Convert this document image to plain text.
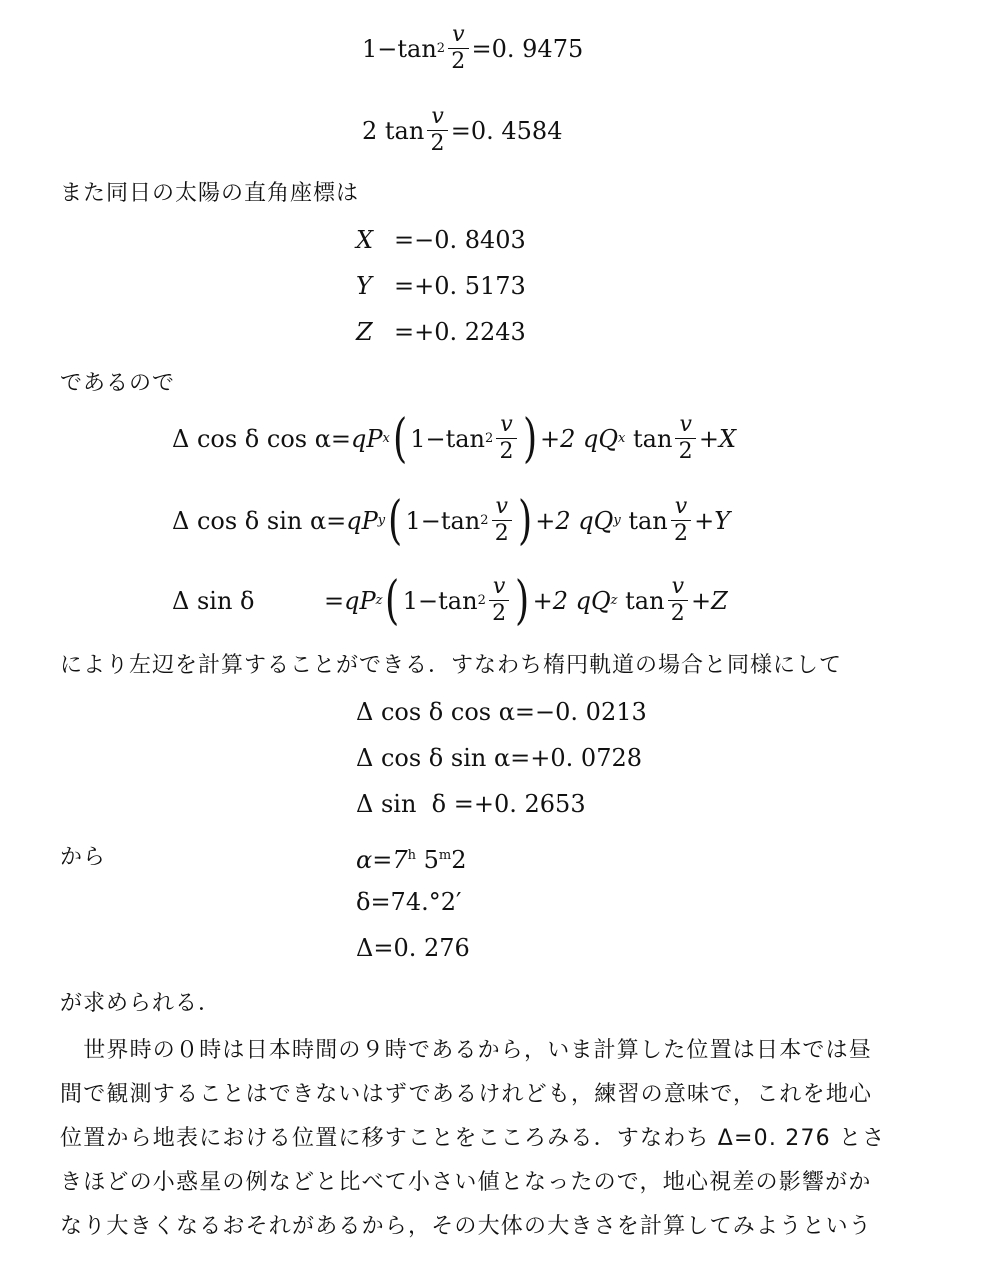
1−tan $2 \frac{v}{2} =0$. 9475
2 $\tan \frac{v}{2} =0$. 4584
また同日の太陽の直角座標は
X =−0. 8403
Y =+0. 5173
Z =+0. 2243
であるので
Δ cos δ cos α = qP x ( 1−tan $2 \frac{v}{2}$ ) +2 qQ x
$\tan \frac{v}{2} +X$
Δ cos δ sin α = qP y ( 1−tan $2 \frac{v}{2}$ ) +2 qQ y
$\tan \frac{v}{2} +Y$
Δ sin δ	= qP z ( 1−tan $2 \frac{v}{2}$ ) +2 qQ z
$\tan \frac{v}{2} +Z$
により左辺を計算することができる．すなわち楕円軌道の場合と同様にして
Δ cos δ cos α=−0. 0213
Δ cos δ sin α=+0. 0728
Δ sin  δ =+0. 2653
から	$\alpha=7^h$ 5$^m$2
δ=74.°2′
Δ=0. 276
が求められる．
　世界時の０時は日本時間の９時であるから，いま計算した位置は日本では昼
間で観測することはできないはずであるけれども，練習の意味で，これを地心
位置から地表における位置に移すことをこころみる．すなわち Δ=0. 276 とさ
きほどの小惑星の例などと比べて小さい値となったので，地心視差の影響がか
なり大きくなるおそれがあるから，その大体の大きさを計算してみようという
